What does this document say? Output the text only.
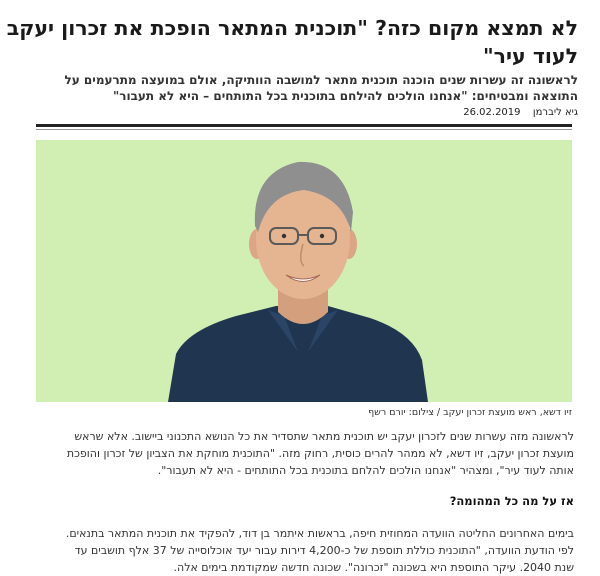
לא תמצא מקום כזה? "תוכנית המתאר הופכת את זכרון יעקב
לעוד עיר"
לראשונה זה עשרות שנים הוכנה תוכנית מתאר למושבה הוותיקה, אולם במועצה מתרעמים על
התוצאה ומבטיחים: "אנחנו הולכים להילחם בתוכנית בכל התותחים – היא לא תעבור"
גיא ליברמן  26.02.2019
זיו דשא, ראש מועצת זכרון יעקב / צילום: יורם רשף

לראשונה מזה עשרות שנים לזכרון יעקב יש תוכנית מתאר שתסדיר את כל הנושא התכנוני ביישוב. אלא שראש
מועצת זכרון יעקב, זיו דשא, לא ממהר להרים כוסית, רחוק מזה. "התוכנית מוחקת את הצביון של זכרון והופכת
אותה לעוד עיר", ומצהיר "אנחנו הולכים להלחם בתוכנית בכל התותחים - היא לא תעבור".

אז על מה כל המהומה?

בימים האחרונים החליטה הוועדה המחוזית חיפה, בראשות איתמר בן דוד, להפקיד את תוכנית המתאר בתנאים.
לפי הודעת הוועדה, "התוכנית כוללת תוספת של כ-4,200 דירות עבור יעד אוכלוסייה של 37 אלף תושבים עד
שנת 2040. עיקר התוספת היא בשכונה "זכרונה". שכונה חדשה שמקודמת בימים אלה.
